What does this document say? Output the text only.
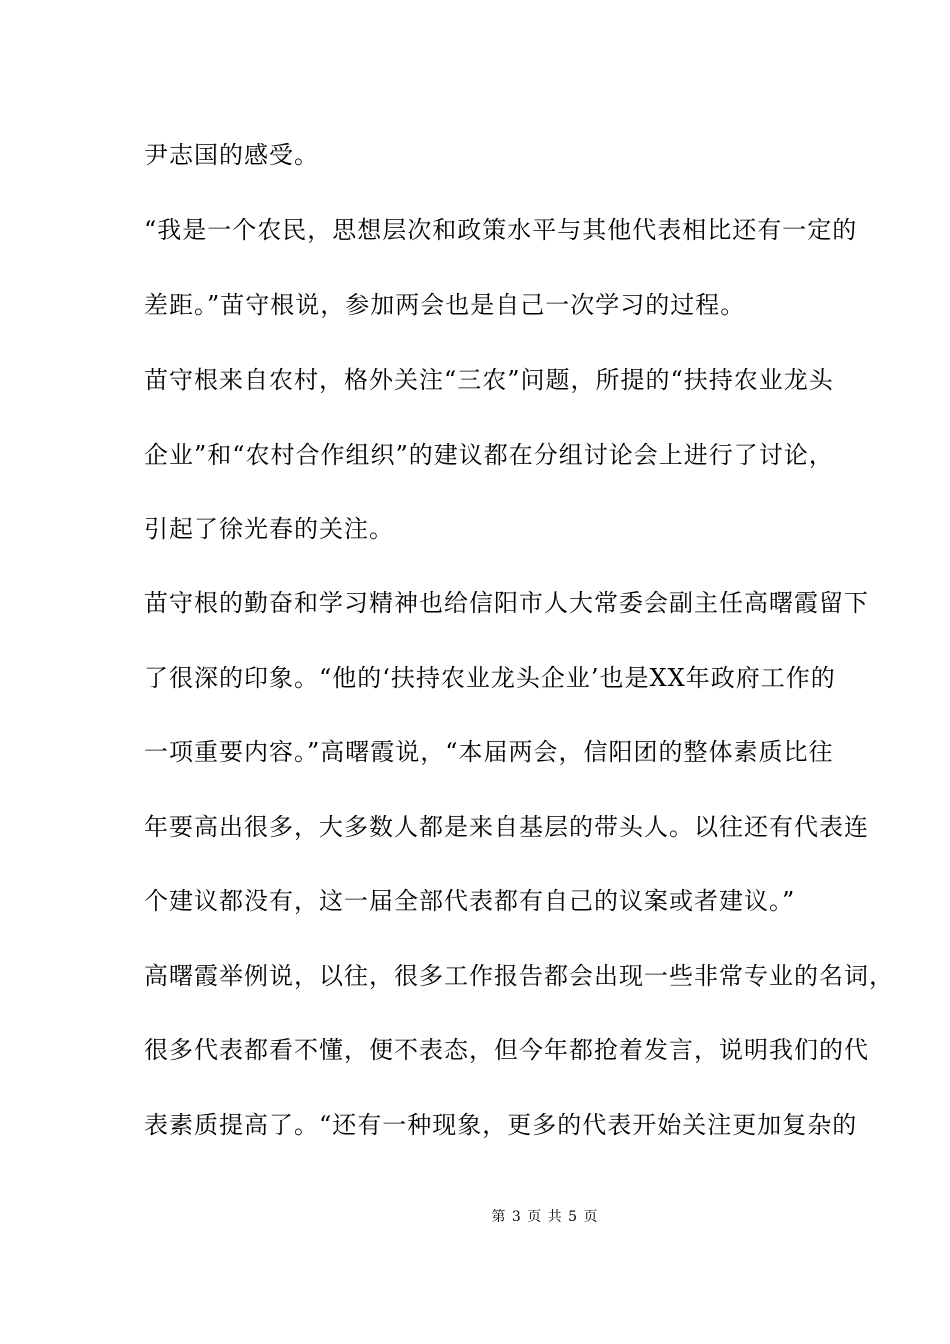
尹志国的感受。
“我是一个农民，思想层次和政策水平与其他代表相比还有一定的
差距。”苗守根说，参加两会也是自己一次学习的过程。
苗守根来自农村，格外关注“三农”问题，所提的“扶持农业龙头
企业”和“农村合作组织”的建议都在分组讨论会上进行了讨论，
引起了徐光春的关注。
苗守根的勤奋和学习精神也给信阳市人大常委会副主任高曙霞留下
了很深的印象。“他的‘扶持农业龙头企业’也是XX年政府工作的
一项重要内容。”高曙霞说，“本届两会，信阳团的整体素质比往
年要高出很多，大多数人都是来自基层的带头人。以往还有代表连
个建议都没有，这一届全部代表都有自己的议案或者建议。”
高曙霞举例说，以往，很多工作报告都会出现一些非常专业的名词，
很多代表都看不懂，便不表态，但今年都抢着发言，说明我们的代
表素质提高了。“还有一种现象，更多的代表开始关注更加复杂的
第 3 页 共 5 页
